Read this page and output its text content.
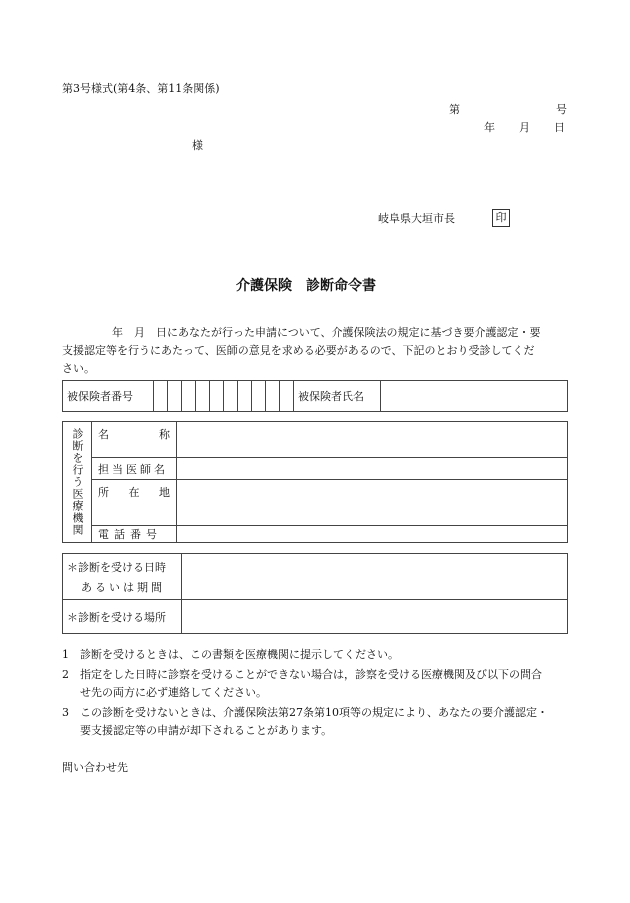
第3号様式(第4条、第11条関係)
第	号
年 月 日
様
岐阜県大垣市長	印
介護保険　診断命令書
年　月　日にあなたが行った申請について、介護保険法の規定に基づき要介護認定・要
支援認定等を行うにあたって、医師の意見を求める必要があるので、下記のとおり受診してくだ
さい。
被保険者番号											被保険者氏名	
診断を行う医療機関	名 称	

	担当医師名	

	所 在 地	

	電話番号	

＊診断を受ける日時
あるいは期間	

＊診断を受ける場所	

1　診断を受けるときは、この書類を医療機関に提示してください。
2　指定をした日時に診察を受けることができない場合は，診察を受ける医療機関及び以下の問合
せ先の両方に必ず連絡してください。
3　この診断を受けないときは、介護保険法第27条第10項等の規定により、あなたの要介護認定・
要支援認定等の申請が却下されることがあります。
問い合わせ先
